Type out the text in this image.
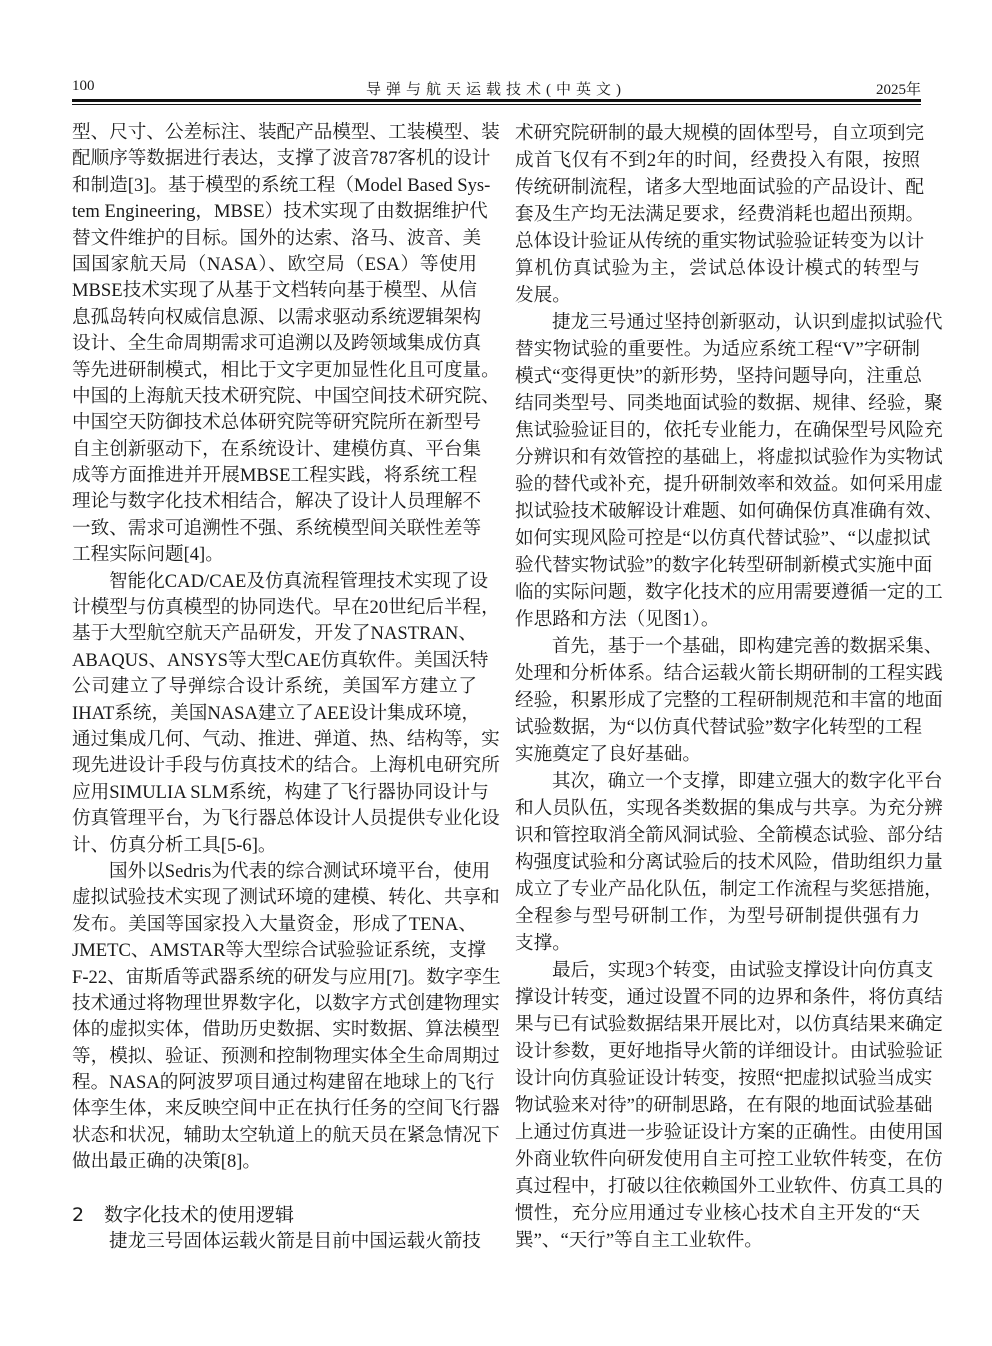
100	导弹与航天运载技术(中英文)	2025年
型、尺寸、公差标注、装配产品模型、工装模型、装
配顺序等数据进行表达，支撑了波音787客机的设计
和制造[3]。基于模型的系统工程（Model Based Sys-
tem Engineering，MBSE）技术实现了由数据维护代
替文件维护的目标。国外的达索、洛马、波音、美
国国家航天局（NASA）、欧空局（ESA）等使用
MBSE技术实现了从基于文档转向基于模型、从信
息孤岛转向权威信息源、以需求驱动系统逻辑架构
设计、全生命周期需求可追溯以及跨领域集成仿真
等先进研制模式，相比于文字更加显性化且可度量。
中国的上海航天技术研究院、中国空间技术研究院、
中国空天防御技术总体研究院等研究院所在新型号
自主创新驱动下，在系统设计、建模仿真、平台集
成等方面推进并开展MBSE工程实践，将系统工程
理论与数字化技术相结合，解决了设计人员理解不
一致、需求可追溯性不强、系统模型间关联性差等
工程实际问题[4]。
智能化CAD/CAE及仿真流程管理技术实现了设
计模型与仿真模型的协同迭代。早在20世纪后半程，
基于大型航空航天产品研发，开发了NASTRAN、
ABAQUS、ANSYS等大型CAE仿真软件。美国沃特
公司建立了导弹综合设计系统，美国军方建立了
IHAT系统，美国NASA建立了AEE设计集成环境，
通过集成几何、气动、推进、弹道、热、结构等，实
现先进设计手段与仿真技术的结合。上海机电研究所
应用SIMULIA SLM系统，构建了飞行器协同设计与
仿真管理平台，为飞行器总体设计人员提供专业化设
计、仿真分析工具[5-6]。
国外以Sedris为代表的综合测试环境平台，使用
虚拟试验技术实现了测试环境的建模、转化、共享和
发布。美国等国家投入大量资金，形成了TENA、
JMETC、AMSTAR等大型综合试验验证系统，支撑
F-22、宙斯盾等武器系统的研发与应用[7]。数字孪生
技术通过将物理世界数字化，以数字方式创建物理实
体的虚拟实体，借助历史数据、实时数据、算法模型
等，模拟、验证、预测和控制物理实体全生命周期过
程。NASA的阿波罗项目通过构建留在地球上的飞行
体孪生体，来反映空间中正在执行任务的空间飞行器
状态和状况，辅助太空轨道上的航天员在紧急情况下
做出最正确的决策[8]。
2 数字化技术的使用逻辑
捷龙三号固体运载火箭是目前中国运载火箭技
术研究院研制的最大规模的固体型号，自立项到完
成首飞仅有不到2年的时间，经费投入有限，按照
传统研制流程，诸多大型地面试验的产品设计、配
套及生产均无法满足要求，经费消耗也超出预期。
总体设计验证从传统的重实物试验验证转变为以计
算机仿真试验为主，尝试总体设计模式的转型与
发展。
捷龙三号通过坚持创新驱动，认识到虚拟试验代
替实物试验的重要性。为适应系统工程“V”字研制
模式“变得更快”的新形势，坚持问题导向，注重总
结同类型号、同类地面试验的数据、规律、经验，聚
焦试验验证目的，依托专业能力，在确保型号风险充
分辨识和有效管控的基础上，将虚拟试验作为实物试
验的替代或补充，提升研制效率和效益。如何采用虚
拟试验技术破解设计难题、如何确保仿真准确有效、
如何实现风险可控是“以仿真代替试验”、“以虚拟试
验代替实物试验”的数字化转型研制新模式实施中面
临的实际问题，数字化技术的应用需要遵循一定的工
作思路和方法（见图1）。
首先，基于一个基础，即构建完善的数据采集、
处理和分析体系。结合运载火箭长期研制的工程实践
经验，积累形成了完整的工程研制规范和丰富的地面
试验数据，为“以仿真代替试验”数字化转型的工程
实施奠定了良好基础。
其次，确立一个支撑，即建立强大的数字化平台
和人员队伍，实现各类数据的集成与共享。为充分辨
识和管控取消全箭风洞试验、全箭模态试验、部分结
构强度试验和分离试验后的技术风险，借助组织力量
成立了专业产品化队伍，制定工作流程与奖惩措施，
全程参与型号研制工作，为型号研制提供强有力
支撑。
最后，实现3个转变，由试验支撑设计向仿真支
撑设计转变，通过设置不同的边界和条件，将仿真结
果与已有试验数据结果开展比对，以仿真结果来确定
设计参数，更好地指导火箭的详细设计。由试验验证
设计向仿真验证设计转变，按照“把虚拟试验当成实
物试验来对待”的研制思路，在有限的地面试验基础
上通过仿真进一步验证设计方案的正确性。由使用国
外商业软件向研发使用自主可控工业软件转变，在仿
真过程中，打破以往依赖国外工业软件、仿真工具的
惯性，充分应用通过专业核心技术自主开发的“天
巽”、“天行”等自主工业软件。
